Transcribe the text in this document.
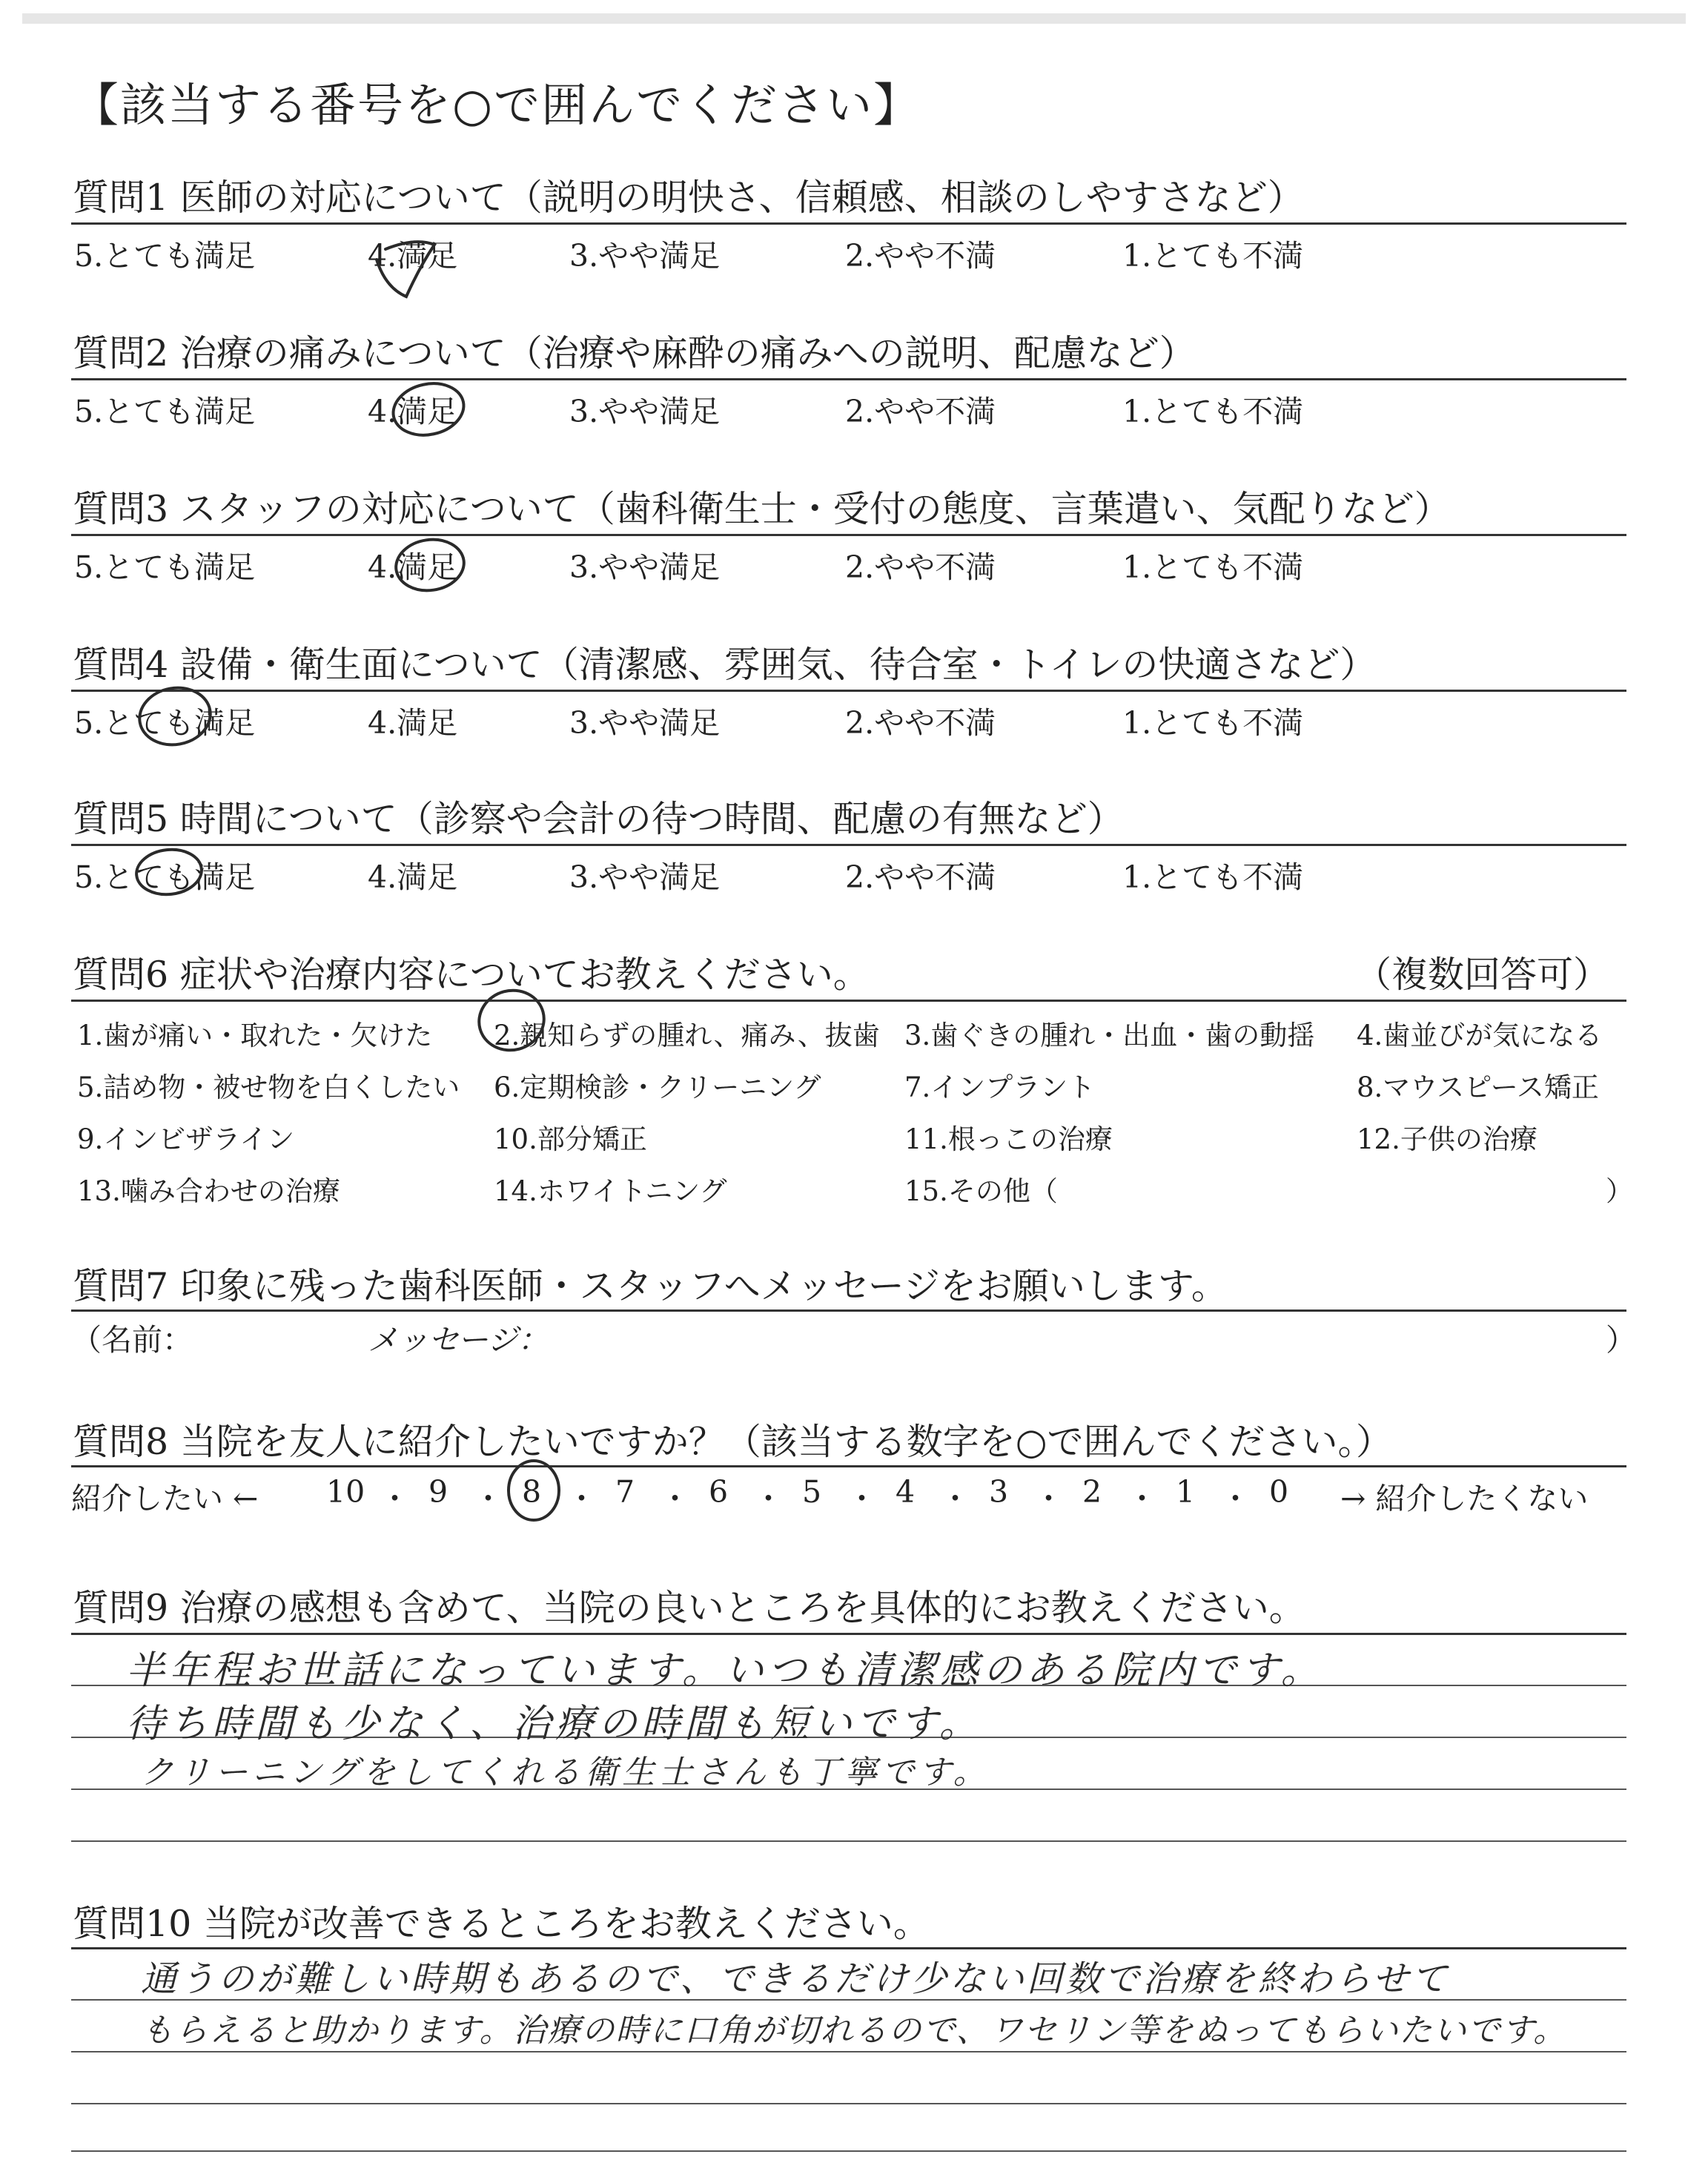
【該当する番号を○で囲んでください】
質問1 医師の対応について（説明の明快さ、信頼感、相談のしやすさなど）
5.とても満足	4.満足	3.やや満足	2.やや不満	1.とても不満
質問2 治療の痛みについて（治療や麻酔の痛みへの説明、配慮など）
5.とても満足	4.満足	3.やや満足	2.やや不満	1.とても不満
質問3 スタッフの対応について（歯科衛生士・受付の態度、言葉遣い、気配りなど）
5.とても満足	4.満足	3.やや満足	2.やや不満	1.とても不満
質問4 設備・衛生面について（清潔感、雰囲気、待合室・トイレの快適さなど）
5.とても満足	4.満足	3.やや満足	2.やや不満	1.とても不満
質問5 時間について（診察や会計の待つ時間、配慮の有無など）
5.とても満足	4.満足	3.やや満足	2.やや不満	1.とても不満
質問6 症状や治療内容についてお教えください。	（複数回答可）
1.歯が痛い・取れた・欠けた 2.親知らずの腫れ、痛み、抜歯 3.歯ぐきの腫れ・出血・歯の動揺 4.歯並びが気になる
5.詰め物・被せ物を白くしたい 6.定期検診・クリーニング	7.インプラント	8.マウスピース矯正
9.インビザライン	10.部分矯正	11.根っこの治療	12.子供の治療
13.噛み合わせの治療	14.ホワイトニング	15.その他（	）
質問7 印象に残った歯科医師・スタッフへメッセージをお願いします。
（名前：	メッセージ：	）
質問8 当院を友人に紹介したいですか？（該当する数字を○で囲んでください。）
紹介したい ←	→ 紹介したくない
10 ・ 9 ・ 8 ・ 7 ・ 6 ・ 5 ・ 4 ・ 3 ・ 2 ・ 1 ・ 0
質問9 治療の感想も含めて、当院の良いところを具体的にお教えください。
半年程お世話になっています。いつも清潔感のある院内です。
待ち時間も少なく、治療の時間も短いです。
クリーニングをしてくれる衛生士さんも丁寧です。
質問10 当院が改善できるところをお教えください。
通うのが難しい時期もあるので、できるだけ少ない回数で治療を終わらせて
もらえると助かります。治療の時に口角が切れるので、ワセリン等をぬってもらいたいです。
